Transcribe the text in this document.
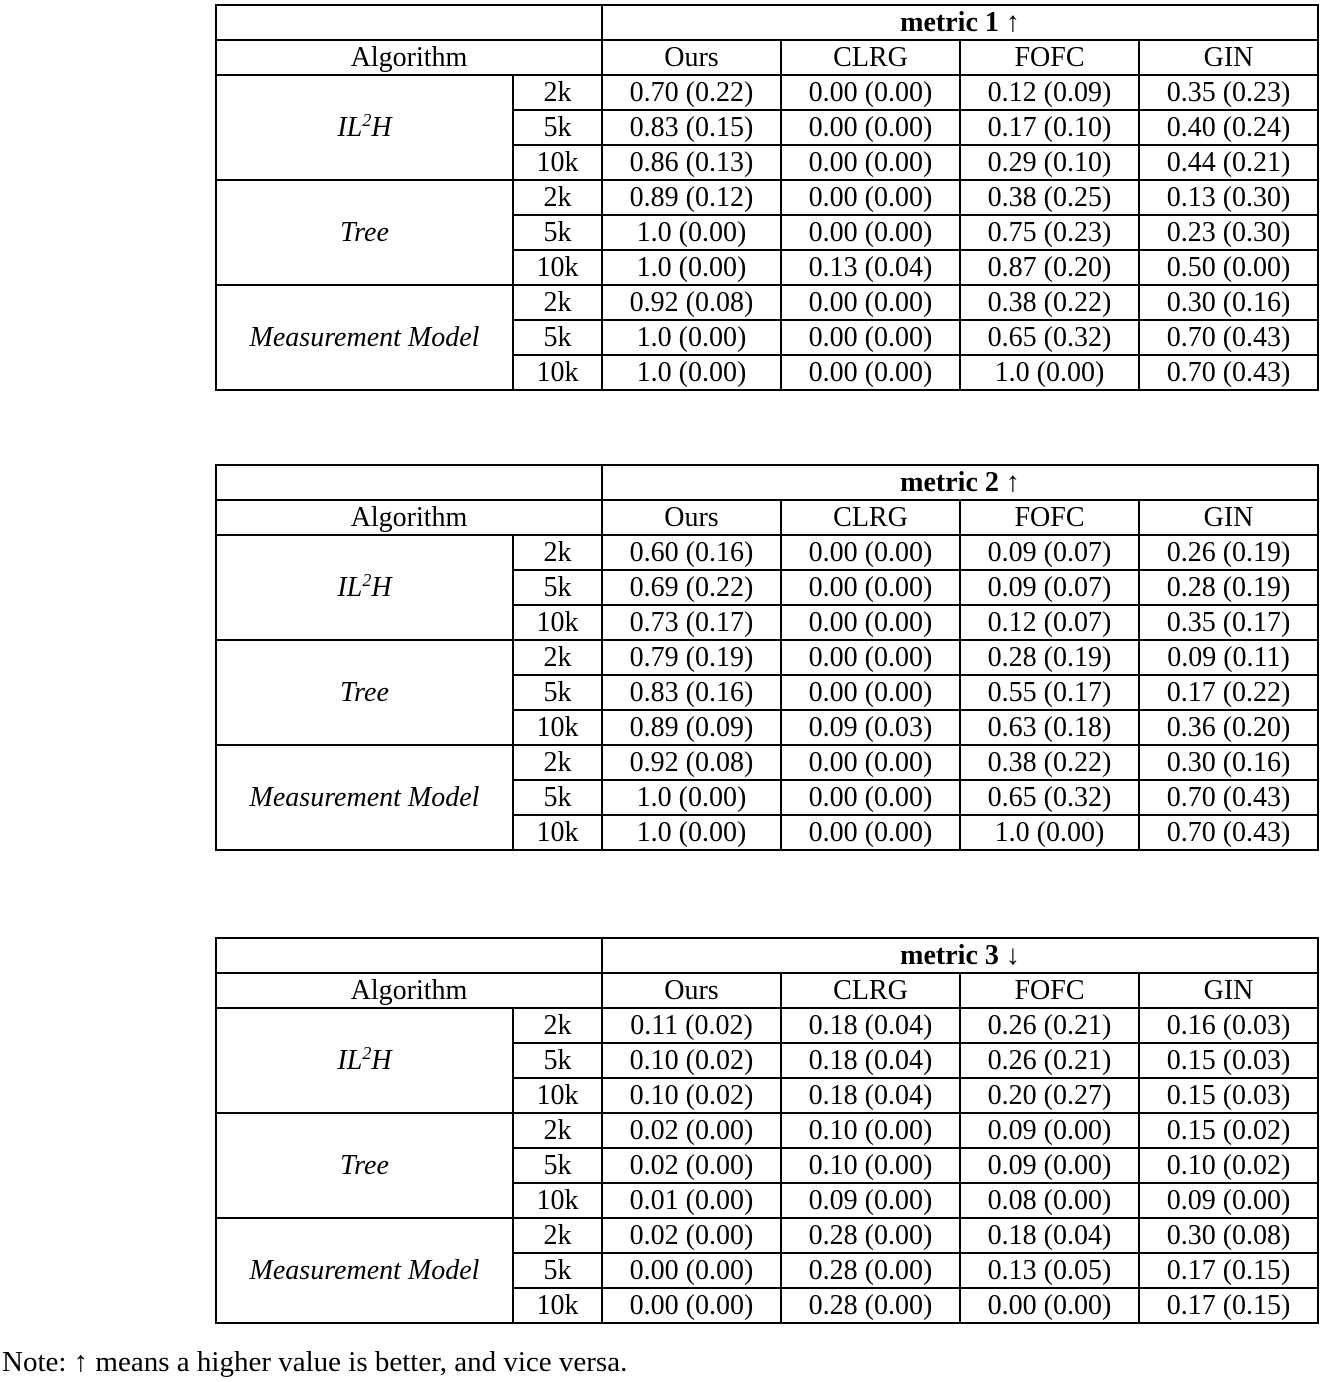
		metric 1 ↑			
Algorithm		Ours	CLRG	FOFC	GIN
$IL^2H$	2k	0.70 (0.22)	0.00 (0.00)	0.12 (0.09)	0.35 (0.23)
	5k	0.83 (0.15)	0.00 (0.00)	0.17 (0.10)	0.40 (0.24)
	10k	0.86 (0.13)	0.00 (0.00)	0.29 (0.10)	0.44 (0.21)
Tree	2k	0.89 (0.12)	0.00 (0.00)	0.38 (0.25)	0.13 (0.30)
	5k	1.0 (0.00)	0.00 (0.00)	0.75 (0.23)	0.23 (0.30)
	10k	1.0 (0.00)	0.13 (0.04)	0.87 (0.20)	0.50 (0.00)
Measurement Model	2k	0.92 (0.08)	0.00 (0.00)	0.38 (0.22)	0.30 (0.16)
	5k	1.0 (0.00)	0.00 (0.00)	0.65 (0.32)	0.70 (0.43)
	10k	1.0 (0.00)	0.00 (0.00)	1.0 (0.00)	0.70 (0.43)
		metric 2 ↑			
Algorithm		Ours	CLRG	FOFC	GIN
$IL^2H$	2k	0.60 (0.16)	0.00 (0.00)	0.09 (0.07)	0.26 (0.19)
	5k	0.69 (0.22)	0.00 (0.00)	0.09 (0.07)	0.28 (0.19)
	10k	0.73 (0.17)	0.00 (0.00)	0.12 (0.07)	0.35 (0.17)
Tree	2k	0.79 (0.19)	0.00 (0.00)	0.28 (0.19)	0.09 (0.11)
	5k	0.83 (0.16)	0.00 (0.00)	0.55 (0.17)	0.17 (0.22)
	10k	0.89 (0.09)	0.09 (0.03)	0.63 (0.18)	0.36 (0.20)
Measurement Model	2k	0.92 (0.08)	0.00 (0.00)	0.38 (0.22)	0.30 (0.16)
	5k	1.0 (0.00)	0.00 (0.00)	0.65 (0.32)	0.70 (0.43)
	10k	1.0 (0.00)	0.00 (0.00)	1.0 (0.00)	0.70 (0.43)
		metric 3 ↓			
Algorithm		Ours	CLRG	FOFC	GIN
$IL^2H$	2k	0.11 (0.02)	0.18 (0.04)	0.26 (0.21)	0.16 (0.03)
	5k	0.10 (0.02)	0.18 (0.04)	0.26 (0.21)	0.15 (0.03)
	10k	0.10 (0.02)	0.18 (0.04)	0.20 (0.27)	0.15 (0.03)
Tree	2k	0.02 (0.00)	0.10 (0.00)	0.09 (0.00)	0.15 (0.02)
	5k	0.02 (0.00)	0.10 (0.00)	0.09 (0.00)	0.10 (0.02)
	10k	0.01 (0.00)	0.09 (0.00)	0.08 (0.00)	0.09 (0.00)
Measurement Model	2k	0.02 (0.00)	0.28 (0.00)	0.18 (0.04)	0.30 (0.08)
	5k	0.00 (0.00)	0.28 (0.00)	0.13 (0.05)	0.17 (0.15)
	10k	0.00 (0.00)	0.28 (0.00)	0.00 (0.00)	0.17 (0.15)
Note: ↑ means a higher value is better, and vice versa.
